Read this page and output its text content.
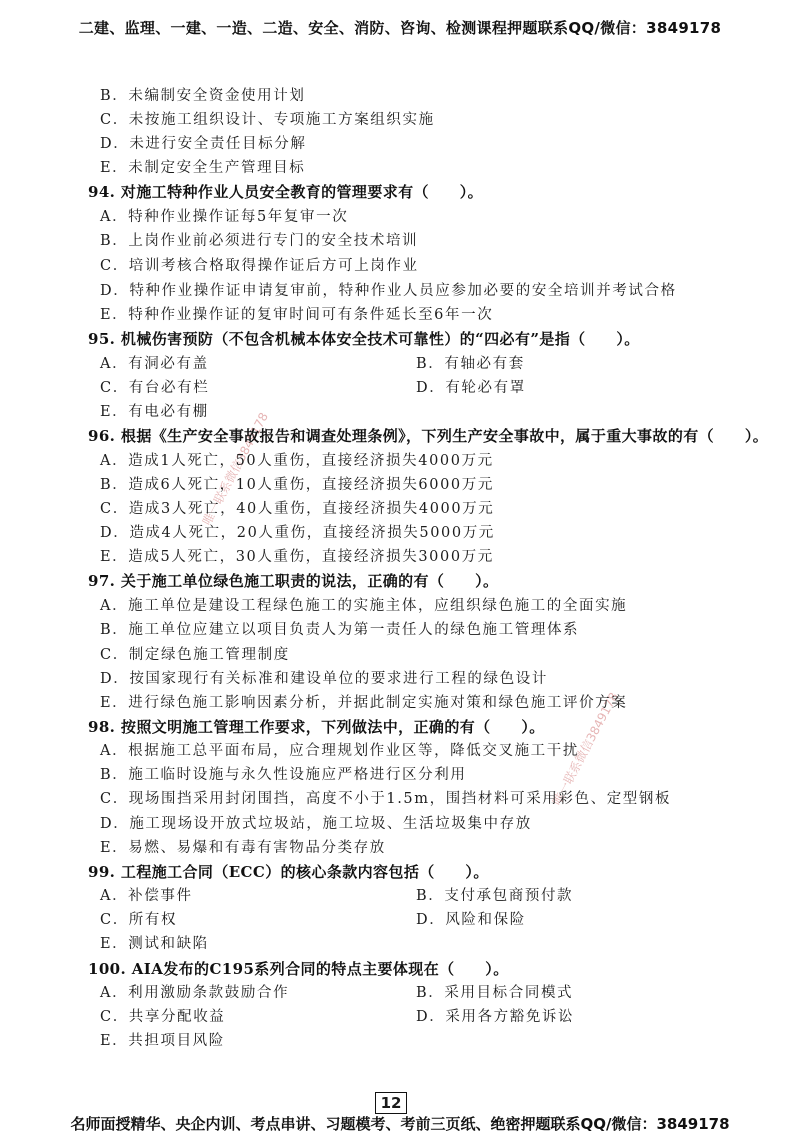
二建、监理、一建、一造、二造、安全、消防、咨询、检测课程押题联系QQ/微信：3849178
唯一联系微信3849178
唯一联系微信3849178
B．未编制安全资金使用计划
C．未按施工组织设计、专项施工方案组织实施
D．未进行安全责任目标分解
E．未制定安全生产管理目标
94. 对施工特种作业人员安全教育的管理要求有（　　）。
A．特种作业操作证每5年复审一次
B．上岗作业前必须进行专门的安全技术培训
C．培训考核合格取得操作证后方可上岗作业
D．特种作业操作证申请复审前，特种作业人员应参加必要的安全培训并考试合格
E．特种作业操作证的复审时间可有条件延长至6年一次
95. 机械伤害预防（不包含机械本体安全技术可靠性）的“四必有”是指（　　）。
A．有洞必有盖	B．有轴必有套
C．有台必有栏	D．有轮必有罩
E．有电必有棚
96. 根据《生产安全事故报告和调查处理条例》，下列生产安全事故中，属于重大事故的有（　　）。
A．造成1人死亡，50人重伤，直接经济损失4000万元
B．造成6人死亡，10人重伤，直接经济损失6000万元
C．造成3人死亡，40人重伤，直接经济损失4000万元
D．造成4人死亡，20人重伤，直接经济损失5000万元
E．造成5人死亡，30人重伤，直接经济损失3000万元
97. 关于施工单位绿色施工职责的说法，正确的有（　　）。
A．施工单位是建设工程绿色施工的实施主体，应组织绿色施工的全面实施
B．施工单位应建立以项目负责人为第一责任人的绿色施工管理体系
C．制定绿色施工管理制度
D．按国家现行有关标准和建设单位的要求进行工程的绿色设计
E．进行绿色施工影响因素分析，并据此制定实施对策和绿色施工评价方案
98. 按照文明施工管理工作要求，下列做法中，正确的有（　　）。
A．根据施工总平面布局，应合理规划作业区等，降低交叉施工干扰
B．施工临时设施与永久性设施应严格进行区分利用
C．现场围挡采用封闭围挡，高度不小于1.5m，围挡材料可采用彩色、定型钢板
D．施工现场设开放式垃圾站，施工垃圾、生活垃圾集中存放
E．易燃、易爆和有毒有害物品分类存放
99. 工程施工合同（ECC）的核心条款内容包括（　　）。
A．补偿事件	B．支付承包商预付款
C．所有权	D．风险和保险
E．测试和缺陷
100. AIA发布的C195系列合同的特点主要体现在（　　）。
A．利用激励条款鼓励合作	B．采用目标合同模式
C．共享分配收益	D．采用各方豁免诉讼
E．共担项目风险
12
名师面授精华、央企内训、考点串讲、习题模考、考前三页纸、绝密押题联系QQ/微信：3849178
